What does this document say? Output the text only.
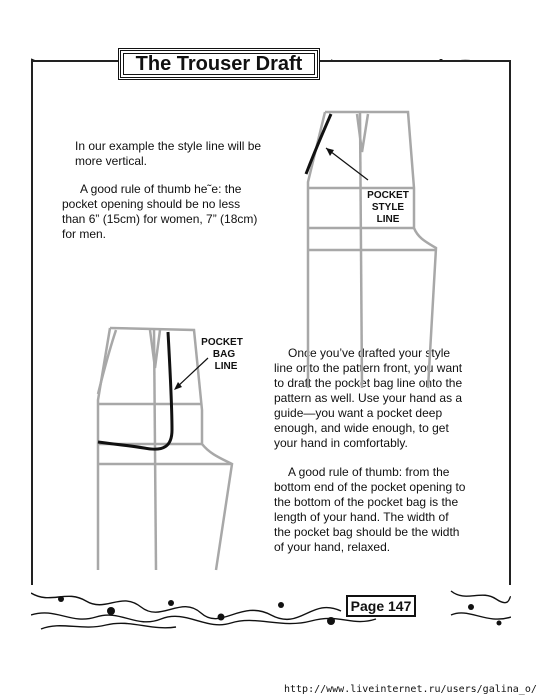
The Trouser Draft
In our example the style line will be
more vertical.
A good rule of thumb he˜e: the
pocket opening should be no less
than 6” (15cm) for women, 7” (18cm)
for men.
Once you’ve drafted your style
line onto the pattern front, you want
to draft the pocket bag line onto the
pattern as well. Use your hand as a
guide—you want a pocket deep
enough, and wide enough, to get
your hand in comfortably.
A good rule of thumb: from the
bottom end of the pocket opening to
the bottom of the pocket bag is the
length of your hand. The width of
the pocket bag should be the width
of your hand, relaxed.
POCKET
STYLE
LINE
POCKET
BAG
LINE
Page 147
http://www.liveinternet.ru/users/galina_o/
